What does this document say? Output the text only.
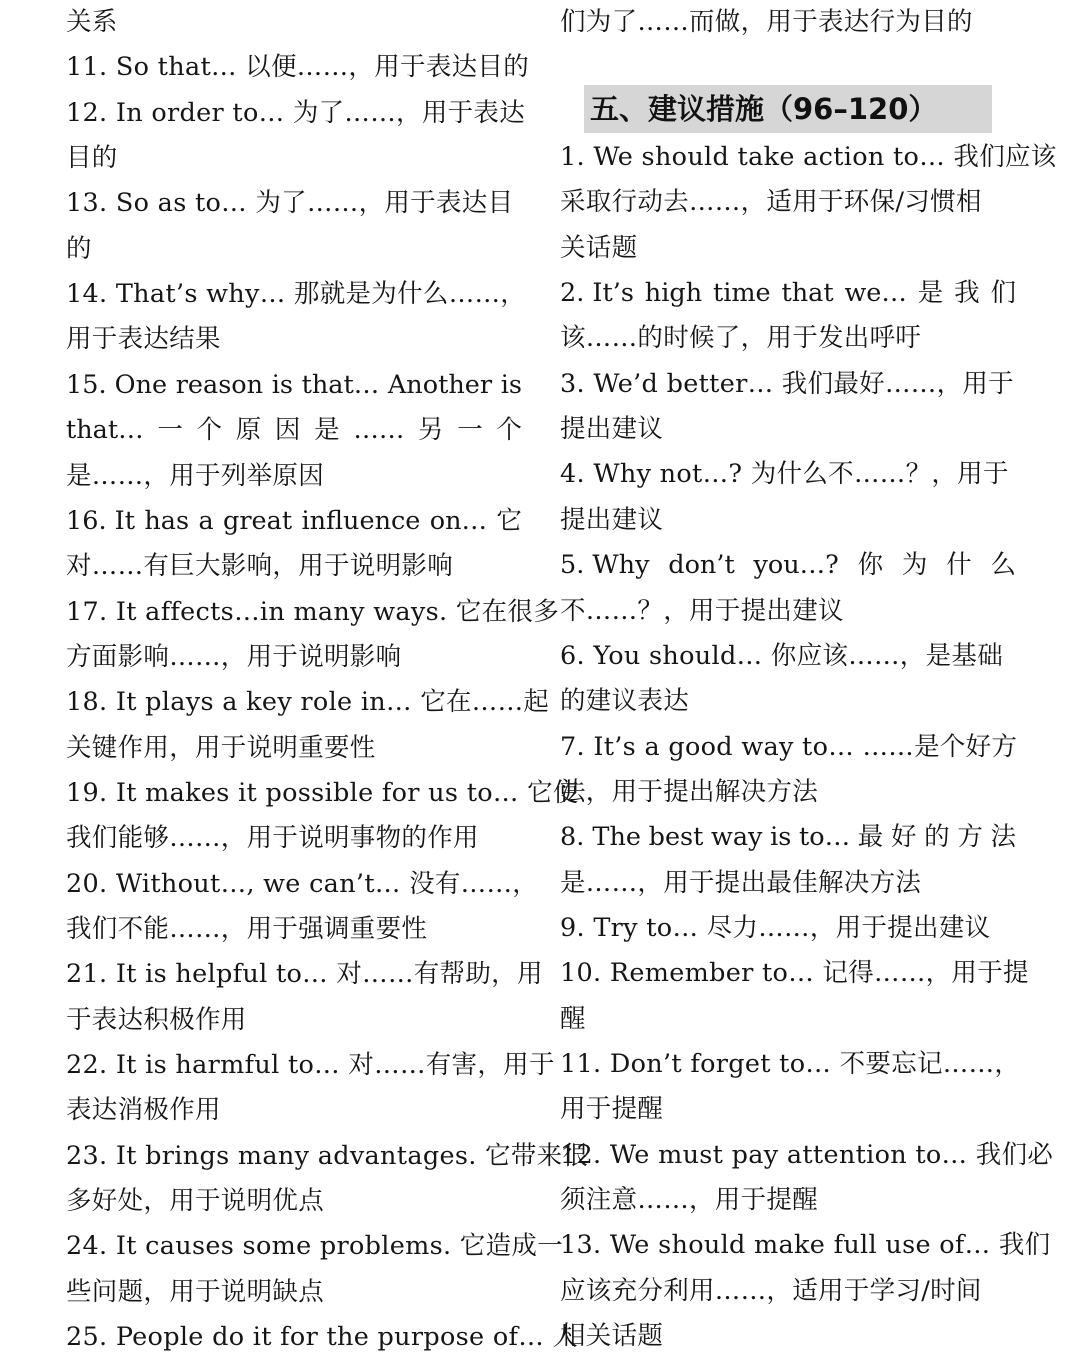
关系
11. So that… 以便……，用于表达目的
12. In order to… 为了……，用于表达
目的
13. So as to… 为了……，用于表达目
的
14. That’s why… 那就是为什么……，
用于表达结果
15. One reason is that… Another is
that… 一 个 原 因 是 …… 另 一 个
是……，用于列举原因
16. It has a great influence on… 它
对……有巨大影响，用于说明影响
17. It affects…in many ways. 它在很多
方面影响……，用于说明影响
18. It plays a key role in… 它在……起
关键作用，用于说明重要性
19. It makes it possible for us to… 它使
我们能够……，用于说明事物的作用
20. Without…, we can’t… 没有……，
我们不能……，用于强调重要性
21. It is helpful to… 对……有帮助，用
于表达积极作用
22. It is harmful to… 对……有害，用于
表达消极作用
23. It brings many advantages. 它带来很
多好处，用于说明优点
24. It causes some problems. 它造成一
些问题，用于说明缺点
25. People do it for the purpose of… 人
五、建议措施（96–120）
们为了……而做，用于表达行为目的
1. We should take action to… 我们应该
采取行动去……，适用于环保/习惯相
关话题
2. It’s high time that we… 是 我 们
该……的时候了，用于发出呼吁
3. We’d better… 我们最好……，用于
提出建议
4. Why not…? 为什么不……？，用于
提出建议
5. Why don’t you…? 你 为 什 么
不……？，用于提出建议
6. You should… 你应该……，是基础
的建议表达
7. It’s a good way to… ……是个好方
法，用于提出解决方法
8. The best way is to… 最 好 的 方 法
是……，用于提出最佳解决方法
9. Try to… 尽力……，用于提出建议
10. Remember to… 记得……，用于提
醒
11. Don’t forget to… 不要忘记……，
用于提醒
12. We must pay attention to… 我们必
须注意……，用于提醒
13. We should make full use of… 我们
应该充分利用……，适用于学习/时间
相关话题
